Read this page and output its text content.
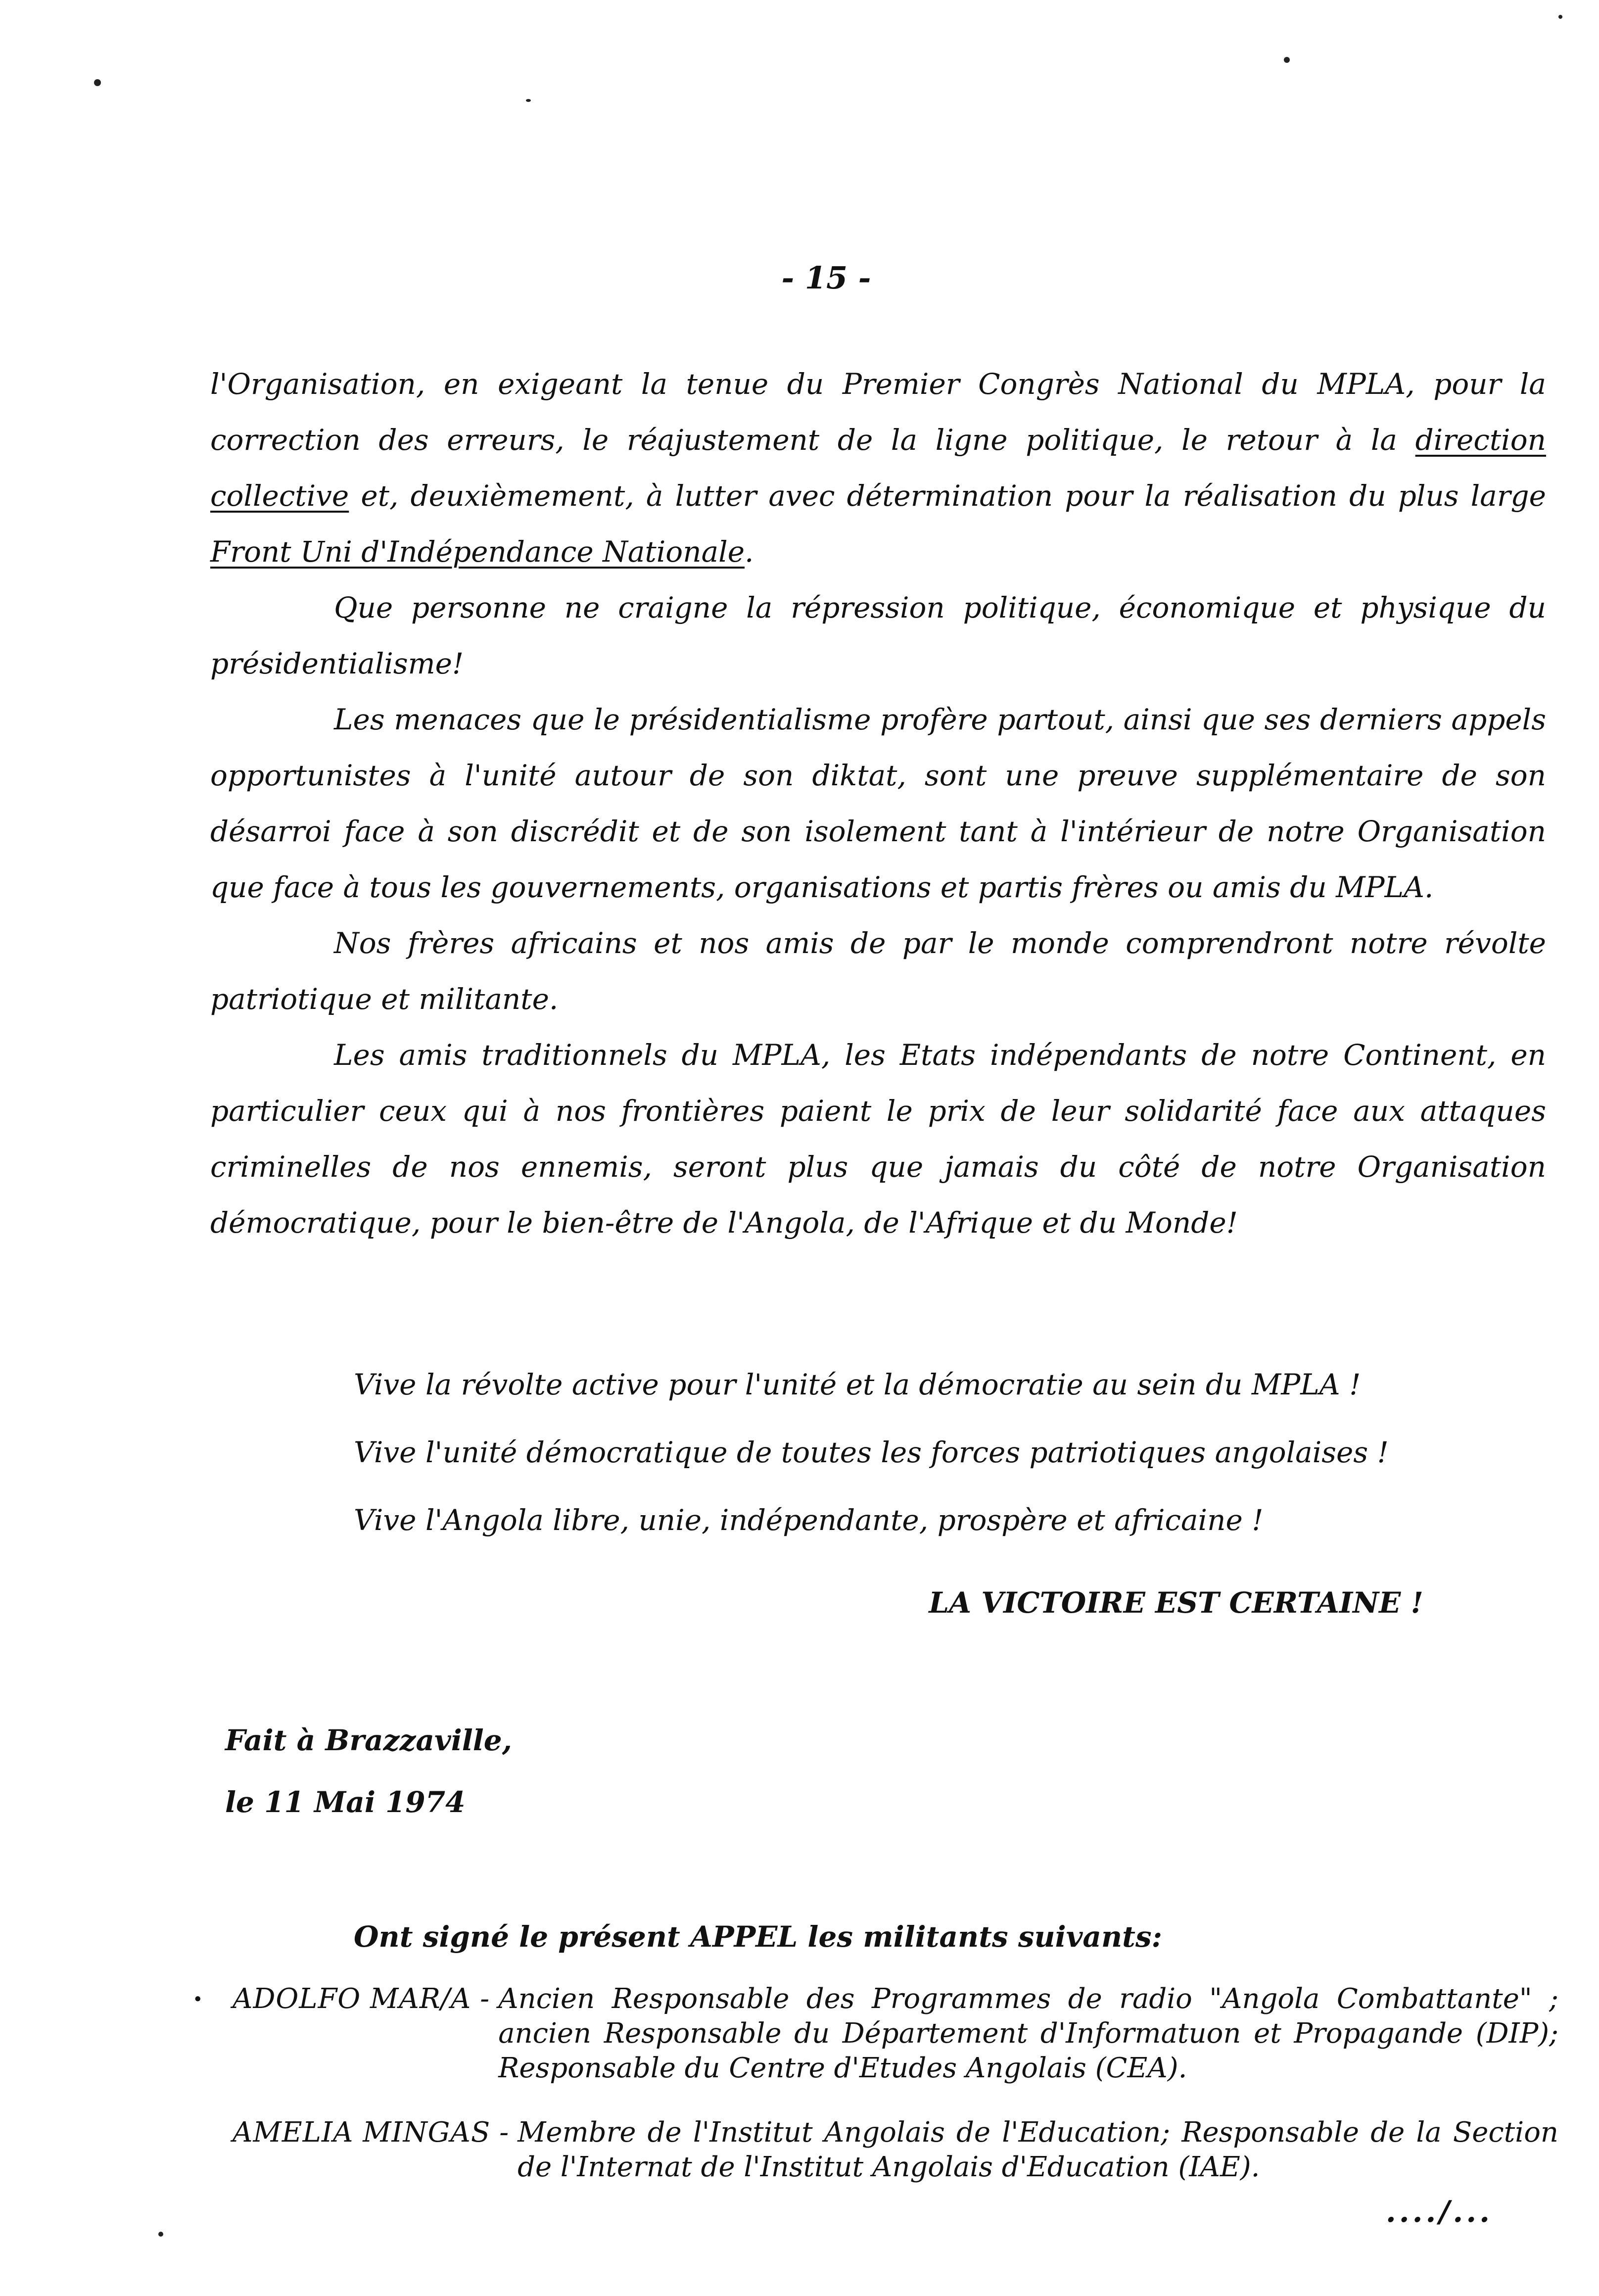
- 15 -

l'Organisation, en exigeant la tenue du Premier Congrès National du MPLA, pour la correction des erreurs, le réajustement de la ligne politique, le retour à la direction collective et, deuxièmement, à lutter avec détermination pour la réalisation du plus large Front Uni d'Indépendance Nationale.

Que personne ne craigne la répression politique, économique et physique du présidentialisme!

Les menaces que le présidentialisme profère partout, ainsi que ses derniers appels opportunistes à l'unité autour de son diktat, sont une preuve supplémentaire de son désarroi face à son discrédit et de son isolement tant à l'intérieur de notre Organisation que face à tous les gouvernements, organisations et partis frères ou amis du MPLA.

Nos frères africains et nos amis de par le monde comprendront notre révolte patriotique et militante.

Les amis traditionnels du MPLA, les Etats indépendants de notre Continent, en particulier ceux qui à nos frontières paient le prix de leur solidarité face aux attaques criminelles de nos ennemis, seront plus que jamais du côté de notre Organisation démocratique, pour le bien-être de l'Angola, de l'Afrique et du Monde!

Vive la révolte active pour l'unité et la démocratie au sein du MPLA !

Vive l'unité démocratique de toutes les forces patriotiques angolaises !

Vive l'Angola libre, unie, indépendante, prospère et africaine !

LA VICTOIRE EST CERTAINE !
Fait à Brazzaville,
le 11 Mai 1974
Ont signé le présent APPEL les militants suivants:
·	ADOLFO MAR/A - Ancien Responsable des Programmes de radio "Angola Combattante" ; ancien Responsable du Département d'Informatuon et Propagande (DIP); Responsable du Centre d'Etudes Angolais (CEA).
AMELIA MINGAS - Membre de l'Institut Angolais de l'Education; Responsable de la Section de l'Internat de l'Institut Angolais d'Education (IAE).
..../...
